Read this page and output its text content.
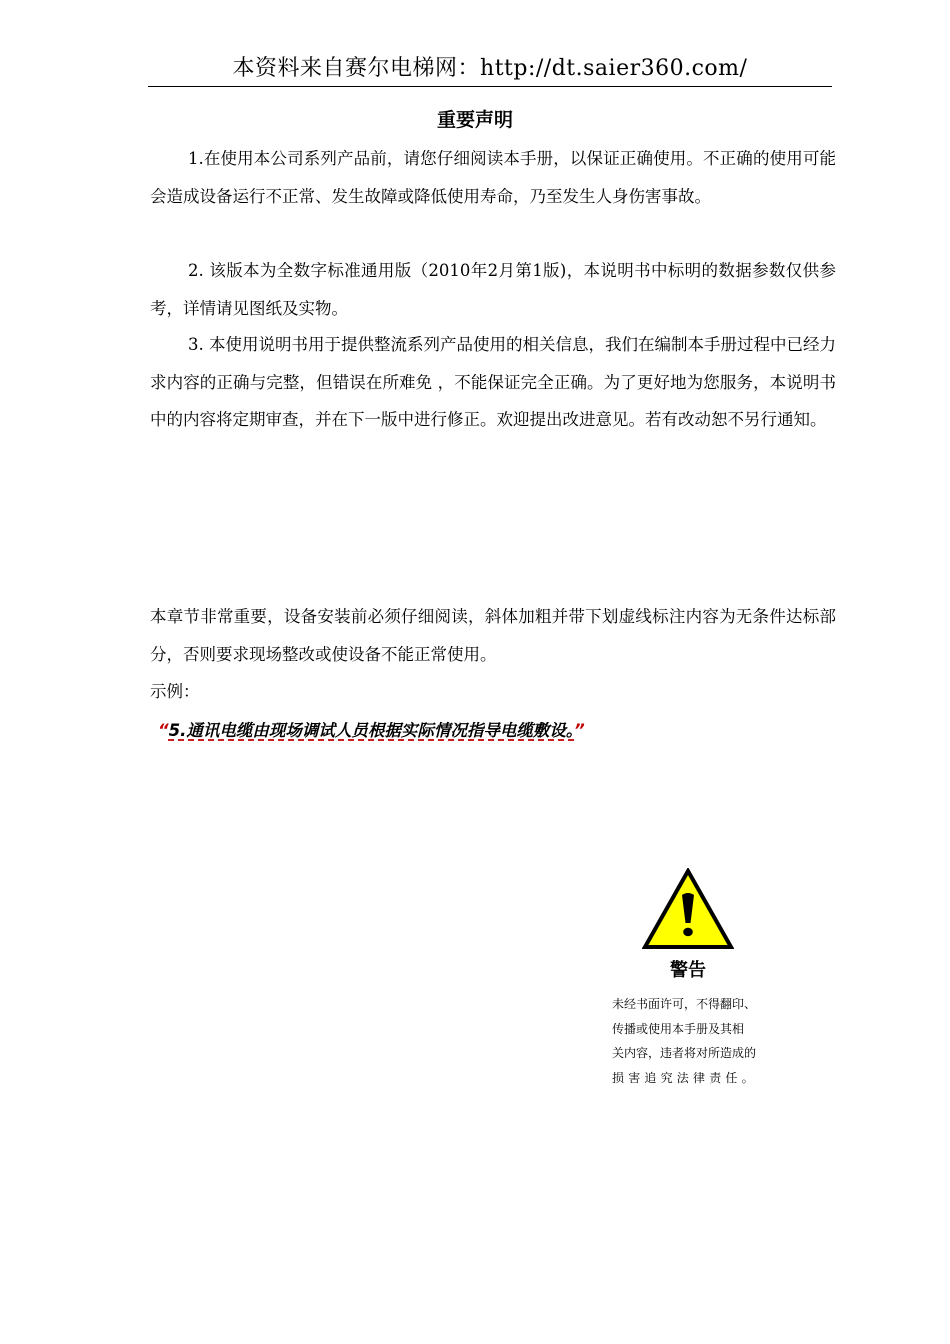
本资料来自赛尔电梯网：http://dt.saier360.com/
重要声明

1.在使用本公司系列产品前，请您仔细阅读本手册，以保证正确使用。不正确的使用可能会造成设备运行不正常、发生故障或降低使用寿命，乃至发生人身伤害事故。

2. 该版本为全数字标准通用版（2010年2月第1版)，本说明书中标明的数据参数仅供参考，详情请见图纸及实物。

3. 本使用说明书用于提供整流系列产品使用的相关信息，我们在编制本手册过程中已经力求内容的正确与完整，但错误在所难免 ，不能保证完全正确。为了更好地为您服务，本说明书中的内容将定期审查，并在下一版中进行修正。欢迎提出改进意见。若有改动恕不另行通知。

本章节非常重要，设备安装前必须仔细阅读，斜体加粗并带下划虚线标注内容为无条件达标部分，否则要求现场整改或使设备不能正常使用。

示例：

“5.通讯电缆由现场调试人员根据实际情况指导电缆敷设。”
警告
未经书面许可，不得翻印、
传播或使用本手册及其相
关内容，违者将对所造成的
损害追究法律责任。
